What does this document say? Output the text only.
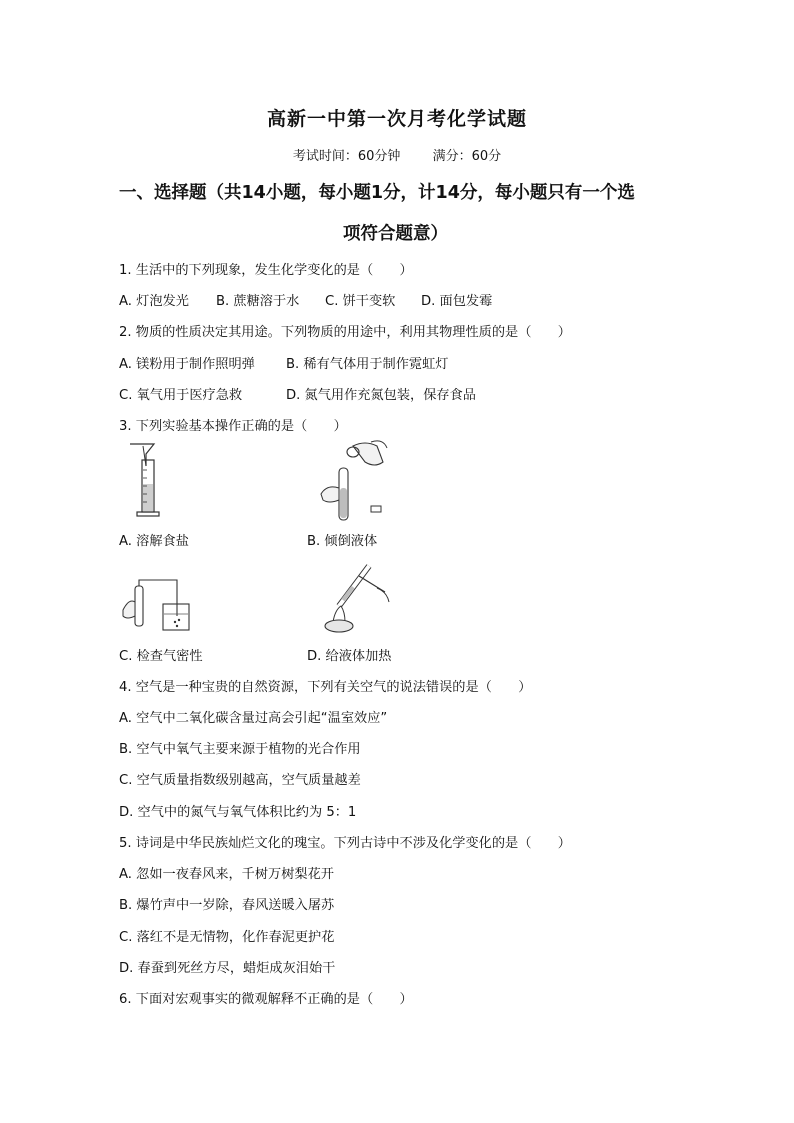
高新一中第一次月考化学试题
考试时间：60分钟 满分：60分
一、选择题（共14小题，每小题1分，计14分，每小题只有一个选
项符合题意）
1. 生活中的下列现象，发生化学变化的是（　　）
A. 灯泡发光 B. 蔗糖溶于水 C. 饼干变软 D. 面包发霉
2. 物质的性质决定其用途。下列物质的用途中，利用其物理性质的是（　　）
A. 镁粉用于制作照明弹 B. 稀有气体用于制作霓虹灯
C. 氧气用于医疗急救	D. 氮气用作充氮包装，保存食品
3. 下列实验基本操作正确的是（　　）
A. 溶解食盐	B. 倾倒液体
C. 检查气密性	D. 给液体加热
4. 空气是一种宝贵的自然资源，下列有关空气的说法错误的是（　　）
A. 空气中二氧化碳含量过高会引起“温室效应”
B. 空气中氧气主要来源于植物的光合作用
C. 空气质量指数级别越高，空气质量越差
D. 空气中的氮气与氧气体积比约为 5：1
5. 诗词是中华民族灿烂文化的瑰宝。下列古诗中不涉及化学变化的是（　　）
A. 忽如一夜春风来，千树万树梨花开
B. 爆竹声中一岁除，春风送暖入屠苏
C. 落红不是无情物，化作春泥更护花
D. 春蚕到死丝方尽，蜡炬成灰泪始干
6. 下面对宏观事实的微观解释不正确的是（　　）
